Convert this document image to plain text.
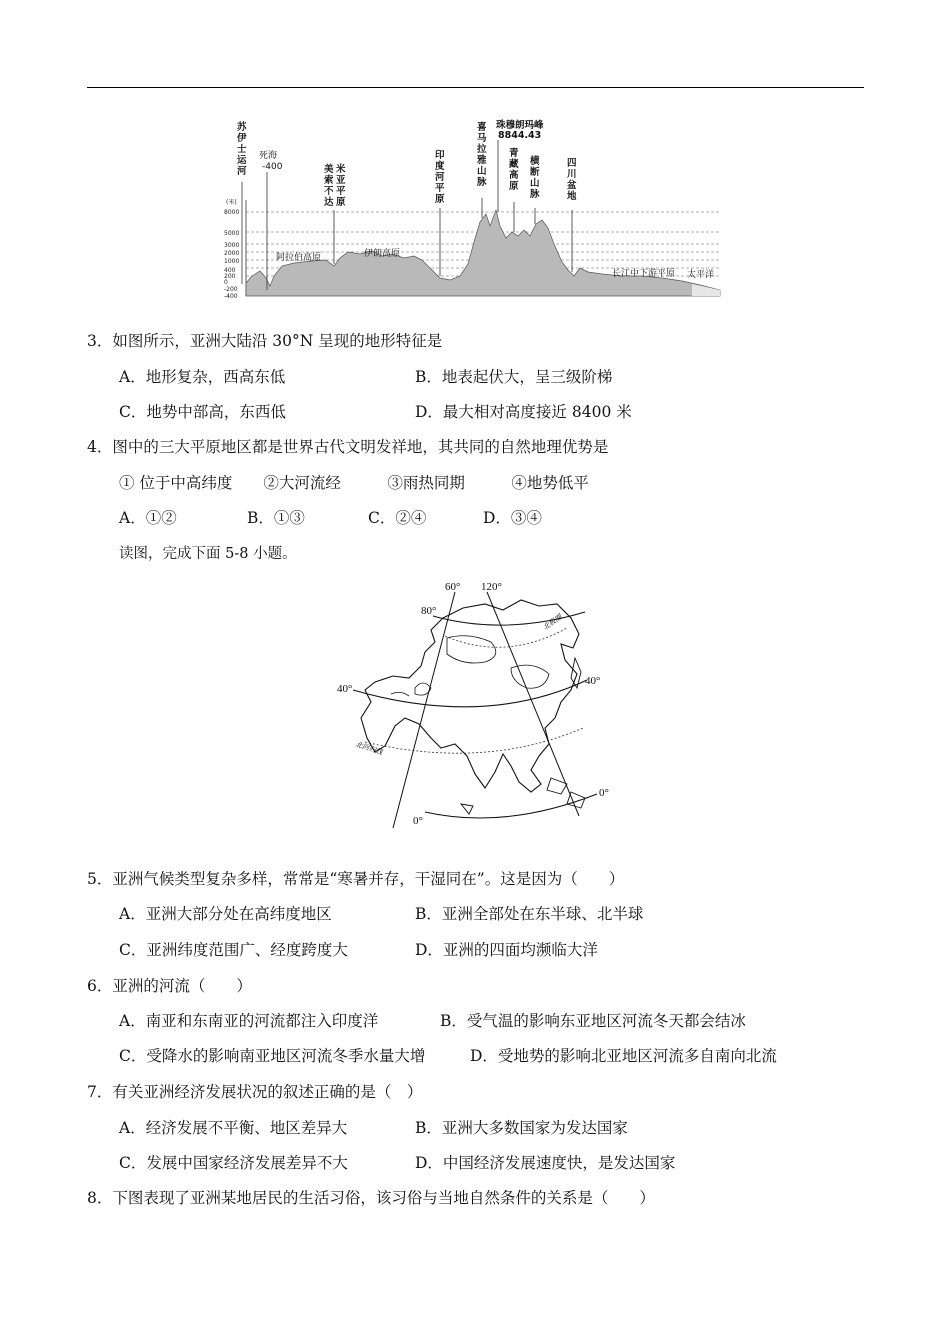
(米)
8000
5000
3000
2000
1000
400
200
0
-200
-400
苏 伊 士 运 河
死海 -400	米 亚 平 原
美 索 不 达
印 度 河 平 原
喜 马 拉 雅 山 脉
珠穆朗玛峰 8844.43
青 藏 高 原
横 断 山 脉
四 川 盆 地
阿拉伯高原	伊朗高原
长江中下游平原 太平洋
3．如图所示，亚洲大陆沿 30°N 呈现的地形特征是
A．地形复杂，西高东低	B．地表起伏大，呈三级阶梯
C．地势中部高，东西低	D．最大相对高度接近 8400 米
4．图中的三大平原地区都是世界古代文明发祥地，其共同的自然地理优势是
① 位于中高纬度　　②大河流经　　　③雨热同期　　　④地势低平
A．①②	B．①③	C．②④	D．③④
读图，完成下面 5-8 小题。
60° 120°
80°
40°
40°
0°
0°
北极圈
北回归线
5．亚洲气候类型复杂多样，常常是“寒暑并存，干湿同在”。这是因为（　　）
A．亚洲大部分处在高纬度地区	B．亚洲全部处在东半球、北半球
C．亚洲纬度范围广、经度跨度大	D．亚洲的四面均濒临大洋
6．亚洲的河流（　　）
A．南亚和东南亚的河流都注入印度洋	B．受气温的影响东亚地区河流冬天都会结冰
C．受降水的影响南亚地区河流冬季水量大增	D．受地势的影响北亚地区河流多自南向北流
7．有关亚洲经济发展状况的叙述正确的是（　）
A．经济发展不平衡、地区差异大	B．亚洲大多数国家为发达国家
C．发展中国家经济发展差异不大	D．中国经济发展速度快，是发达国家
8．下图表现了亚洲某地居民的生活习俗，该习俗与当地自然条件的关系是（　　）
